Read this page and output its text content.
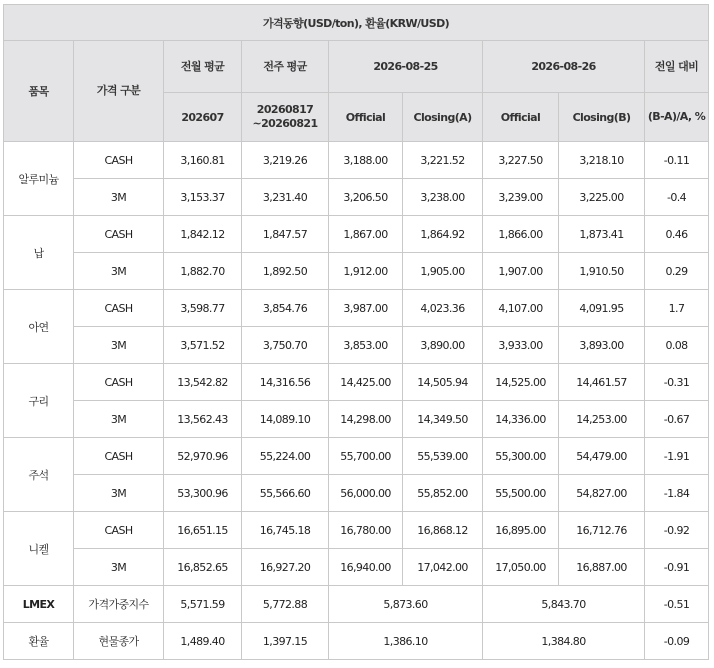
가격동향(USD/ton), 환율(KRW/USD)								
품목	가격 구분	전월 평균	전주 평균	2026-08-25		2026-08-26		전일 대비
		202607	20260817 ~20260821	Official	Closing(A)	Official	Closing(B)	(B-A)/A, %
알루미늄	CASH	3,160.81	3,219.26	3,188.00	3,221.52	3,227.50	3,218.10	-0.11
	3M	3,153.37	3,231.40	3,206.50	3,238.00	3,239.00	3,225.00	-0.4
납	CASH	1,842.12	1,847.57	1,867.00	1,864.92	1,866.00	1,873.41	0.46
	3M	1,882.70	1,892.50	1,912.00	1,905.00	1,907.00	1,910.50	0.29
아연	CASH	3,598.77	3,854.76	3,987.00	4,023.36	4,107.00	4,091.95	1.7
	3M	3,571.52	3,750.70	3,853.00	3,890.00	3,933.00	3,893.00	0.08
구리	CASH	13,542.82	14,316.56	14,425.00	14,505.94	14,525.00	14,461.57	-0.31
	3M	13,562.43	14,089.10	14,298.00	14,349.50	14,336.00	14,253.00	-0.67
주석	CASH	52,970.96	55,224.00	55,700.00	55,539.00	55,300.00	54,479.00	-1.91
	3M	53,300.96	55,566.60	56,000.00	55,852.00	55,500.00	54,827.00	-1.84
니켈	CASH	16,651.15	16,745.18	16,780.00	16,868.12	16,895.00	16,712.76	-0.92
	3M	16,852.65	16,927.20	16,940.00	17,042.00	17,050.00	16,887.00	-0.91
LMEX	가격가중지수	5,571.59	5,772.88	5,873.60		5,843.70		-0.51
환율	현물종가	1,489.40	1,397.15	1,386.10		1,384.80		-0.09
